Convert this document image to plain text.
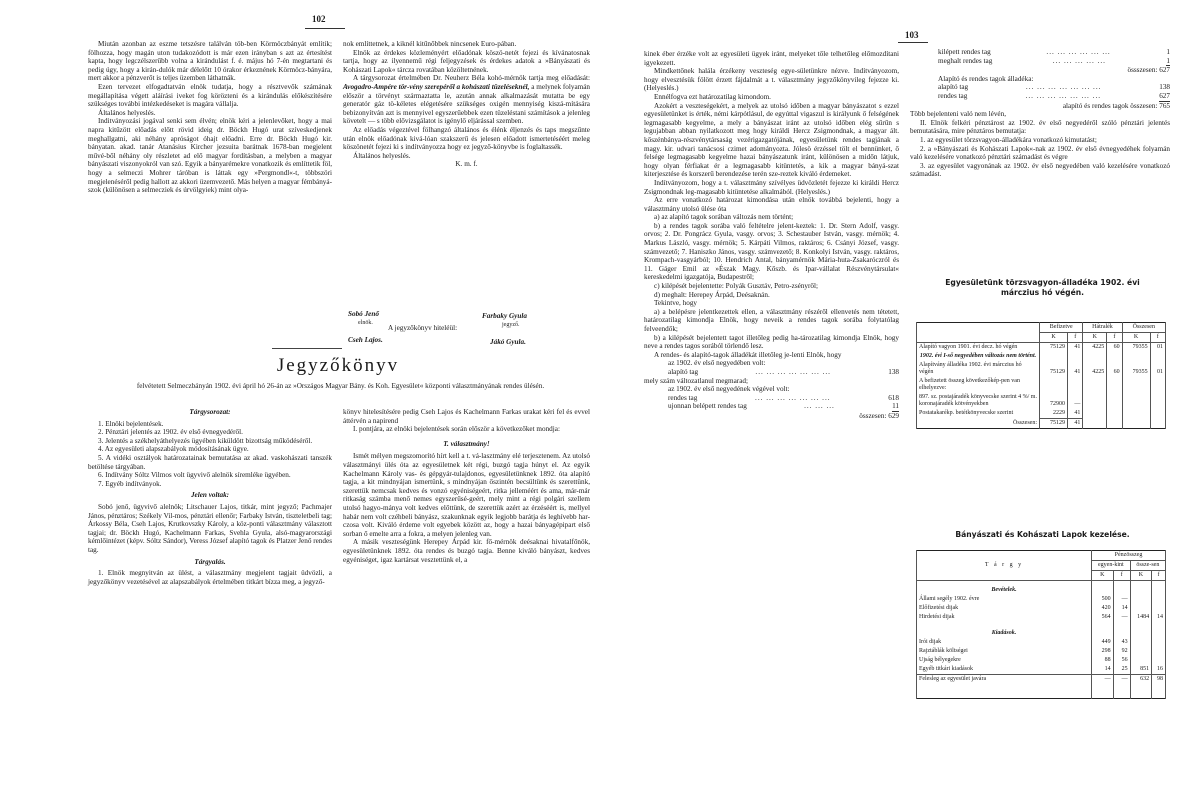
102

Miután azonban az eszme tetszésre találván töb-ben Körmöczbányát említik; fölhozza, hogy magán uton tudakozódott is már ezen irányban s azt az értesítést kapta, hogy legczélszerűbb volna a kirándulást f. é. május hó 7-én megtartani és pedig úgy, hogy a kirán-dulók már délelőtt 10 órakor érkeznének Körmöcz-bányára, mert akkor a pénzverőt is teljes üzemben láthatnák.

Ezen tervezet elfogadtatván elnök tudatja, hogy a résztvevők számának megállapítása végett aláírási iveket fog körözteni és a kirándulás előkészítésére szükséges további intézkedéseket is magára vállalja.

Általános helyeslés.

Inditványozási jogával senki sem élvén; elnök kéri a jelenlevőket, hogy a mai napra kitűzött előadás előtt rövid ideig dr. Böckh Hugó urat szíveskedjenek meghallgatni, aki néhány apróságot óhajt előadni. Erre dr. Böckh Hugó kir. bányatan. akad. tanár Atanásius Kircher jezsuita barátnak 1678-ban megjelent művé-ből néhány oly részletet ad elő magyar fordításban, a melyben a magyar bányászati viszonyokról van szó. Egyik a bányarémekre vonatkozik és említtetik föl, hogy a selmeczi Mohrer táróban is láttak egy »Pergmondl«-t, többszöri megjelenéséről pedig hallott az akkori üzemvezető. Más helyen a magyar fémbányá-szok (különösen a selmecziek és úrvölgyiek) mint olya-

nok említtetnek, a kiknél kitűnőbbek nincsenek Euro-pában.

Elnök az érdekes közleményért előadónak köszö-netét fejezi és kívánatosnak tartja, hogy az ilyennemű régi feljegyzések és érdekes adatok a »Bányászati és Kohászati Lapok« tárcza rovatában közöltetnének.

A tárgysorozat értelmében Dr. Neuherz Béla kohó-mérnök tartja meg előadását: Avogadro-Ampére tör-vény szerepéről a kohászati tüzeléseknél, a melynek folyamán először a törvényt származtatta le, azután annak alkalmazását mutatta be egy generatór gáz tö-kéletes elégetésére szükséges oxigén mennyiség kiszá-mítására bebizonyítván azt is mennyivel egyszerűebbek ezen tüzeléstani számítások a jelenleg követelt — s több elővizsgálatot is igénylő eljárással szemben.

Az előadás végeztével fölhangzó általános és élénk éljenzés és taps megszűnte után elnök előadónak kivá-lóan szakszerű és jelesen előadott ismertetéséért meleg köszönetét fejezi ki s indítványozza hogy ez jegyző-könyvbe is foglaltassék.

Általános helyeslés.

K. m. f.

Sobó Jenő
elnök.
Farbaky Gyula
jegyző.
A jegyzőkönyv hiteléül:
Cseh Lajos.	Jákó Gyula.
Jegyzőkönyv
felvétetett Selmeczbányán 1902. évi ápril hó 26-án az »Országos Magyar Bány. és Koh. Egyesület« központi választmányának rendes ülésén.

Tárgysorozat:

1. Elnöki bejelentések.

2. Pénztári jelentés az 1902. év első évnegyedéről.

3. Jelentés a székhelyáthelyezés ügyében kiküldött bizottság működéséről.

4. Az egyesületi alapszabályok módosításának ügye.

5. A vidéki osztályok határozatainak bemutatása az akad. vaskohászati tanszék betöltése tárgyában.

6. Indítvány Sóltz Vilmos volt ügyvivő alelnök síremléke ügyében.

7. Egyéb indítványok.

Jelen voltak:

Sobó jenő, ügyvivő alelnök; Litschauer Lajos, titkár, mint jegyző; Pachmajer János, pénztáros; Székely Vil-mos, pénztári ellenőr; Farbaky István, tiszteletbeli tag; Árkossy Béla, Cseh Lajos, Krutkovszky Károly, a köz-ponti választmány választott tagjai; dr. Böckh Hugó, Kachelmann Farkas, Svehla Gyula, alsó-magyarországi kémlőintézet (képv. Sóltz Sándor), Veress József alapító tagok és Platzer Jenő rendes tag.

Tárgyalás.

1. Elnök megnyitván az ülést, a választmány megjelent tagjait üdvözli, a jegyzőkönyv vezetésével az alapszabályok értelmében titkárt bízza meg, a jegyző-

könyv hitelesítésére pedig Cseh Lajos és Kachelmann Farkas urakat kéri fel és evvel áttérvén a napirend

I. pontjára, az elnöki bejelentések során először a következőket mondja:

T. választmány!

Ismét mélyen megszomorító hírt kell a t. vá-lasztmány elé terjesztenem. Az utolsó választmányi ülés óta az egyesületnek két régi, buzgó tagja húnyt el. Az egyik Kachelmann Károly vas- és gépgyár-tulajdonos, egyesületünknek 1892. óta alapító tagja, a kit mindnyájan ismertünk, s mindnyájan őszintén becsültünk és szerettünk, szerettük nemcsak kedves és vonzó egyéniségeért, ritka jelleméért és ama, már-már ritkaság számba menő nemes egyszerűsé-geért, mely mint a régi polgári szellem utolsó hagyo-mánya volt kedves előttünk, de szerettük azért az érzéséért is, mellyel habár nem volt czéhbeli bányász, szakunknak egyik legjobb barátja és leghívebb har-czosa volt. Kiváló érdeme volt egyebek között az, hogy a hazai bányagépipart első sorban ő emelte arra a fokra, a melyen jelenleg van.

A másik veszteségünk Herepey Árpád kir. fő-mérnök deésaknai hivatalfőnök, egyesületünknek 1892. óta rendes és buzgó tagja. Benne kiváló bányászt, kedves egyéniséget, igaz kartársat vesztettünk el, a

103

kinek éber érzéke volt az egyesületi ügyek iránt, melyeket tőle telhetőleg előmozdítani igyekezett.

Mindkettőnek halála érzékeny veszteség egye-sületünkre nézve. Indítványozom, hogy elvesztésük fölött érzett fájdalmát a t. választmány jegyzőkönyvileg fejezze ki. (Helyeslés.)

Ennélfogva ezt határozatilag kimondom.

Azokért a veszteségekért, a melyek az utolsó időben a magyar bányászatot s ezzel egyesületünket is érték, némi kárpótlásul, de egyúttal vigaszul is királyunk ő felségének legmagasabb kegyelme, a mely a bányászat iránt az utolsó időben elég sűrűn s legujabban abban nyilatkozott meg hogy királdi Hercz Zsigmondnak, a magyar ált. kőszénbánya-részvénytársaság vezérigazgatójának, egyesületünk rendes tagjának a magy. kir. udvari tanácsosi czimet adományozta. Jólesö érzéssel tölt el bennünket, ő felsége legmagasabb kegyelme hazai bányászatunk iránt, különösen a midőn látjuk, hogy olyan férfiakat ér a legmagasabb kitüntetés, a kik a magyar bányá-szat kiterjesztése és korszerű berendezése terén sze-reztek kiváló érdemeket.

Indítványozom, hogy a t. választmány szívélyes üdvözletét fejezze ki királdi Hercz Zsigmondnak leg-magasabb kitüntetése alkalmából. (Helyeslés.)

Az erre vonatkozó határozat kimondása után elnök továbbá bejelenti, hogy a választmány utolsó ülése óta

a) az alapító tagok sorában változás nem történt;

b) a rendes tagok sorába való feltételre jelent-keztek: 1. Dr. Stern Adolf, vasgy. orvos; 2. Dr. Pongrácz Gyula, vasgy. orvos; 3. Schestauber István, vasgy. mérnök; 4. Markus László, vasgy. mérnök; 5. Kárpáti Vilmos, raktáros; 6. Csányi József, vasgy. számvezető; 7. Haniszko János, vasgy. számvezető; 8. Konkolyi István, vasgy. raktáros, Krompach-vasgyárból; 10. Hendrich Antal, bányamérnök Mária-huta-Zsakaróczról és 11. Gáger Emil az »Észak Magy. Kőszb. és Ipar-vállalat Részvénytársulat« kereskedelmi igazgatója, Budapestről;

c) kilépését bejelentette: Polyák Gusztáv, Petro-zsényről;

d) meghalt: Herepey Árpád, Deésaknán.

Tekintve, hogy

a) a belépésre jelentkezettek ellen, a választmány részéről ellenvetés nem tétetett, határozatilag kimondja Elnök, hogy neveik a rendes tagok sorába folytatólag felveendők;

b) a kilépését bejelentett tagot illetőleg pedig ha-tározatilag kimondja Elnök, hogy neve a rendes tagos sorából törlendő lesz.

A rendes- és alapító-tagok álladékát illetőleg je-lenti Elnök, hogy

az 1902. év első negyedében volt:
alapító tag	... ... ... ... ... ... ...	138
mely szám változatlanul megmarad;
az 1902. év első negyedének végével volt:
rendes tag	... ... ... ... ... ... ...	618
ujonnan belépett rendes tag	... ... ...	11
összesen: 629
kilépett rendes tag	... ... ... ... ... ...	1
meghalt rendes tag	... ... ... ... ...	1
össszesen: 627
Alapító és rendes tagok álladéka:
alapító tag	... ... ... ... ... ... ...	138
rendes tag	... ... ... ... ... ... ...	627
alapító és rendes tagok összesen: 765

Több bejelenteni való nem lévén,

II. Elnök felkéri pénztárost az 1902. év első negyedéről szóló pénztári jelentés bemutatására, mire pénztáros bemutatja:

1. az egyesület törzsvagyon-álladékára vonatkozó kimutatást;

2. a »Bányászati és Kohászati Lapok«-nak az 1902. év első évnegyedéhek folyamán való kezelésére vonatkozó pénztári számadást és végre

3. az egyesület vagyonának az 1902. év első negyedében való kezelésére vonatkozó számadást.

Egyesületünk törzsvagyon-álladéka 1902. évi
márczius hó végén.
	Befizetve		Hátralék		Összesen	
	K	f	K	f	K	f
Alapító vagyon 1901. évi decz. hó végén	75129	41	4225	60	79355	01
1902. évi I-ső negyedében változás nem történt.						
Alapítvány álladéka 1902. évi márczius hó végén	75129	41	4225	60	79355	01
A befizetett összeg következőkép-pen van elhelyezve:						
897. sz. postajáradék könyvecske szerint 4 %/ m. koronajáradék kötvényekben	72900	—				
Postatakarékp. betétkönyvecske szerint	2229	41				
Összesen:	75129	41				
Bányászati és Kohászati Lapok kezelése.
T á r g y	Pénzösszeg			
	egyen-kint		össze-sen	
	K	f	K	f
Bevételek.				
Állami segély 1902. évre	500	—		
Előfizetési dijak	420	14		
Hirdetési dijak	564	—	1484	14
Kiadások.				
Irói dijak	449	43		
Rajztáblák költségei	298	92		
Ujság bélyegekre	88	56		
Egyéb titkári kiadások	14	25	851	16
Felesleg az egyesület javára	—	—	632	98
